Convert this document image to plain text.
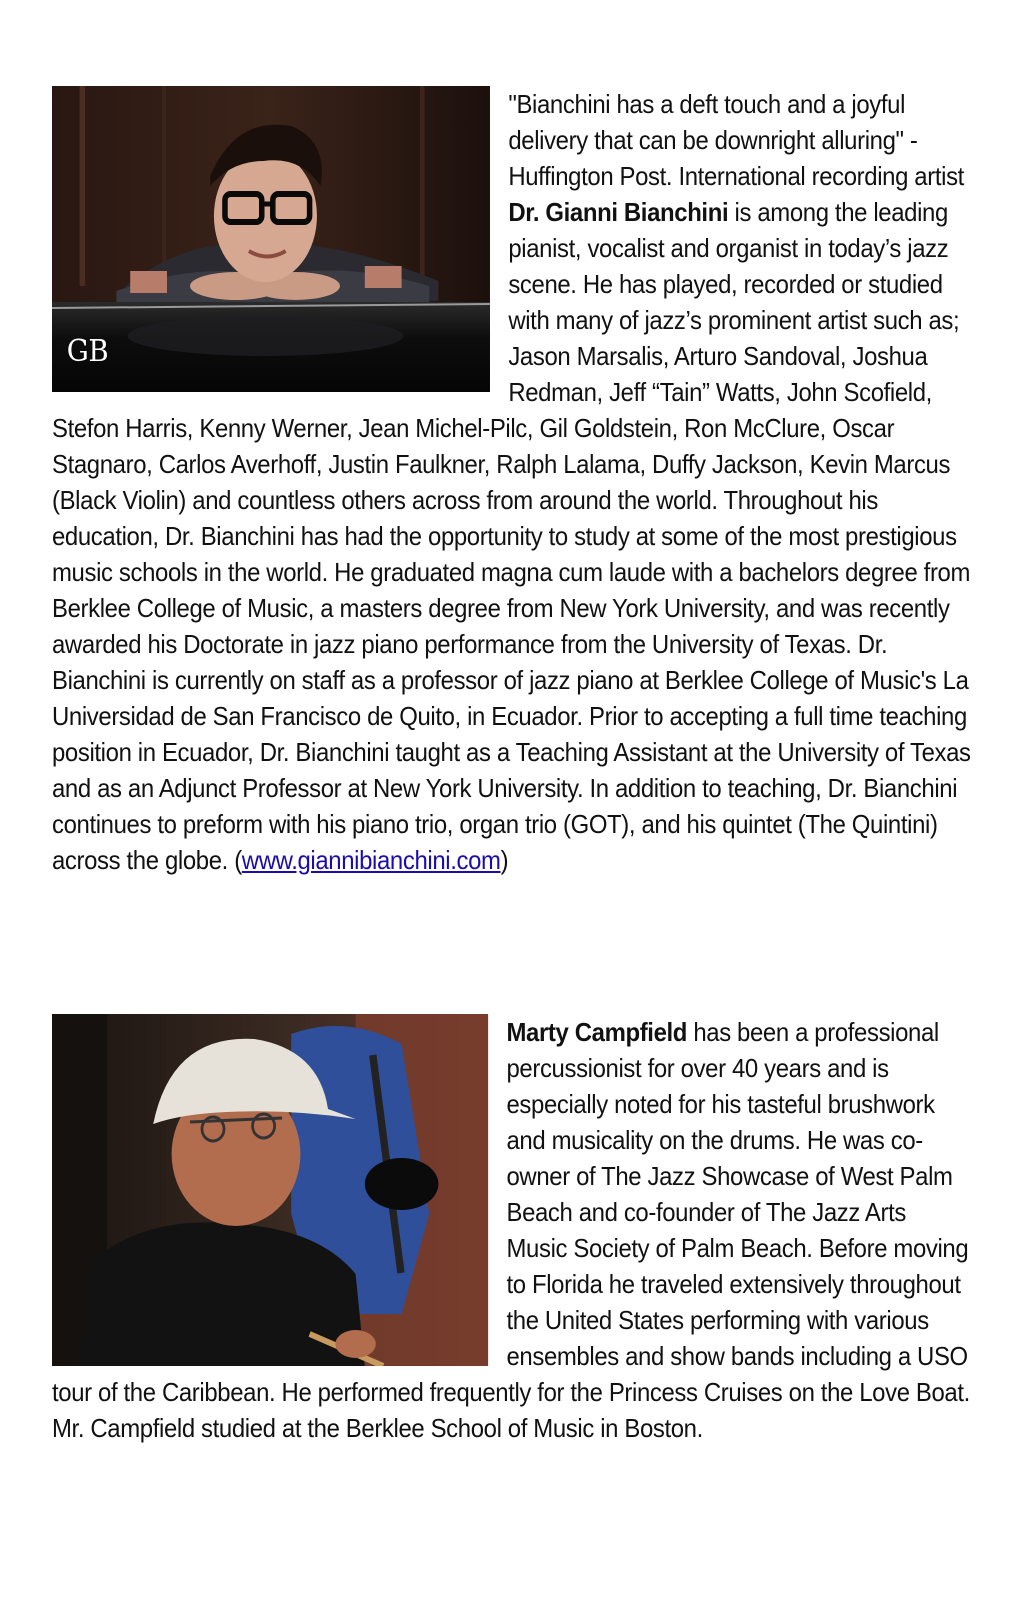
GB
"Bianchini has a deft touch and a joyful delivery that can be downright alluring" - Huffington Post. International recording artist Dr. Gianni Bianchini is among the leading pianist, vocalist and organist in today’s jazz scene. He has played, recorded or studied with many of jazz’s prominent artist such as; Jason Marsalis, Arturo Sandoval, Joshua Redman, Jeff “Tain” Watts, John Scofield, Stefon Harris, Kenny Werner, Jean Michel-Pilc, Gil Goldstein, Ron McClure, Oscar Stagnaro, Carlos Averhoff, Justin Faulkner, Ralph Lalama, Duffy Jackson, Kevin Marcus (Black Violin) and countless others across from around the world. Throughout his education, Dr. Bianchini has had the opportunity to study at some of the most prestigious music schools in the world. He graduated magna cum laude with a bachelors degree from Berklee College of Music, a masters degree from New York University, and was recently awarded his Doctorate in jazz piano performance from the University of Texas. Dr. Bianchini is currently on staff as a professor of jazz piano at Berklee College of Music's La Universidad de San Francisco de Quito, in Ecuador. Prior to accepting a full time teaching position in Ecuador, Dr. Bianchini taught as a Teaching Assistant at the University of Texas and as an Adjunct Professor at New York University. In addition to teaching, Dr. Bianchini continues to preform with his piano trio, organ trio (GOT), and his quintet (The Quintini) across the globe. (www.giannibianchini.com)
Marty Campfield has been a professional percussionist for over 40 years and is especially noted for his tasteful brushwork and musicality on the drums. He was co-owner of The Jazz Showcase of West Palm Beach and co-founder of The Jazz Arts Music Society of Palm Beach. Before moving to Florida he traveled extensively throughout the United States performing with various ensembles and show bands including a USO tour of the Caribbean. He performed frequently for the Princess Cruises on the Love Boat. Mr. Campfield studied at the Berklee School of Music in Boston.
